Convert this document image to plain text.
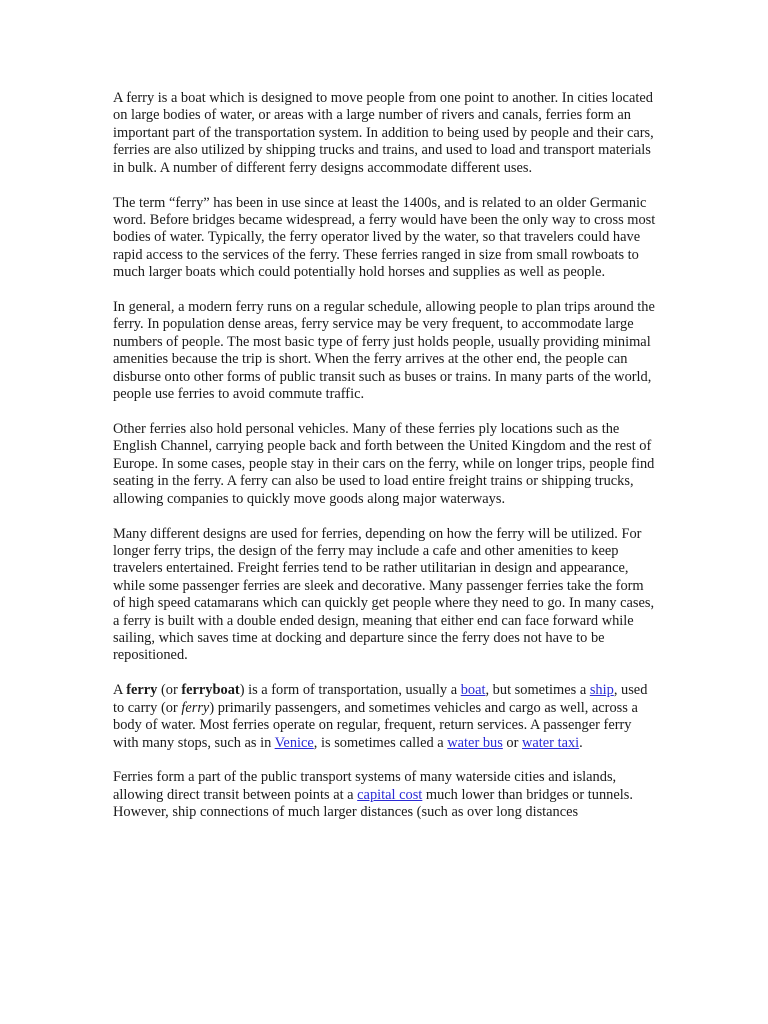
A ferry is a boat which is designed to move people from one point to another. In cities located on large bodies of water, or areas with a large number of rivers and canals, ferries form an important part of the transportation system. In addition to being used by people and their cars, ferries are also utilized by shipping trucks and trains, and used to load and transport materials in bulk. A number of different ferry designs accommodate different uses.

The term “ferry” has been in use since at least the 1400s, and is related to an older Germanic word. Before bridges became widespread, a ferry would have been the only way to cross most bodies of water. Typically, the ferry operator lived by the water, so that travelers could have rapid access to the services of the ferry. These ferries ranged in size from small rowboats to much larger boats which could potentially hold horses and supplies as well as people.

In general, a modern ferry runs on a regular schedule, allowing people to plan trips around the ferry. In population dense areas, ferry service may be very frequent, to accommodate large numbers of people. The most basic type of ferry just holds people, usually providing minimal amenities because the trip is short. When the ferry arrives at the other end, the people can disburse onto other forms of public transit such as buses or trains. In many parts of the world, people use ferries to avoid commute traffic.

Other ferries also hold personal vehicles. Many of these ferries ply locations such as the English Channel, carrying people back and forth between the United Kingdom and the rest of Europe. In some cases, people stay in their cars on the ferry, while on longer trips, people find seating in the ferry. A ferry can also be used to load entire freight trains or shipping trucks, allowing companies to quickly move goods along major waterways.

Many different designs are used for ferries, depending on how the ferry will be utilized. For longer ferry trips, the design of the ferry may include a cafe and other amenities to keep travelers entertained. Freight ferries tend to be rather utilitarian in design and appearance, while some passenger ferries are sleek and decorative. Many passenger ferries take the form of high speed catamarans which can quickly get people where they need to go. In many cases, a ferry is built with a double ended design, meaning that either end can face forward while sailing, which saves time at docking and departure since the ferry does not have to be repositioned.

A ferry (or ferryboat) is a form of transportation, usually a boat, but sometimes a ship, used to carry (or ferry) primarily passengers, and sometimes vehicles and cargo as well, across a body of water. Most ferries operate on regular, frequent, return services. A passenger ferry with many stops, such as in Venice, is sometimes called a water bus or water taxi.

Ferries form a part of the public transport systems of many waterside cities and islands, allowing direct transit between points at a capital cost much lower than bridges or tunnels. However, ship connections of much larger distances (such as over long distances
